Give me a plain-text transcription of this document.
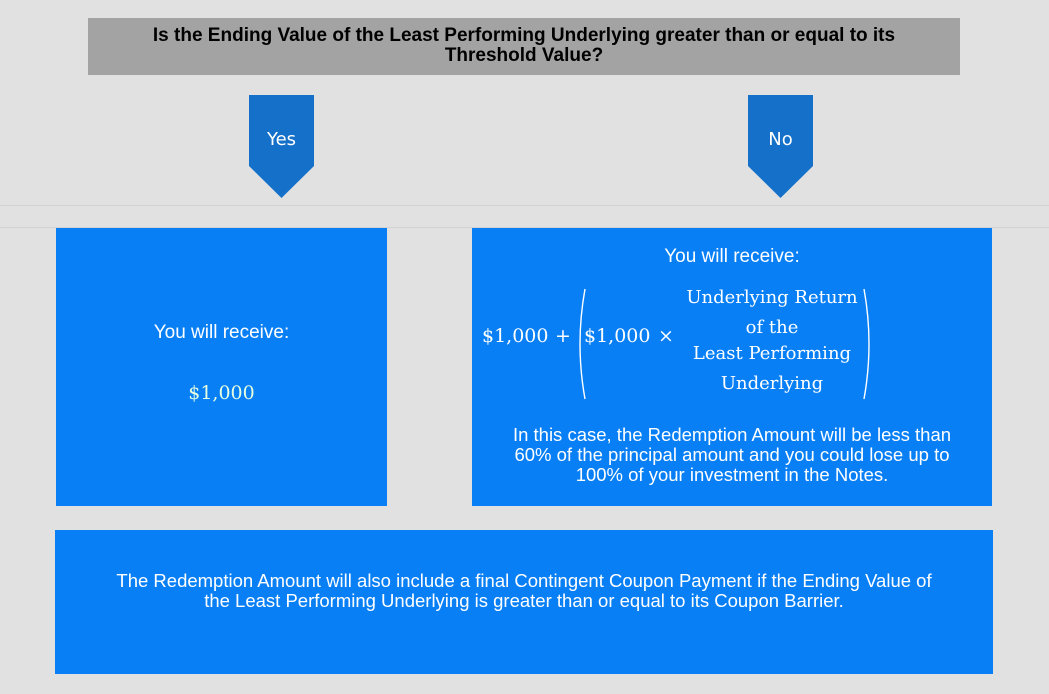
Is the Ending Value of the Least Performing Underlying greater than or equal to its
Threshold Value?
Yes	No
You will receive:
$1,000
You will receive:
$1,000 + $1,000 ×
Underlying Return
of the
Least Performing
Underlying
In this case, the Redemption Amount will be less than
60% of the principal amount and you could lose up to
100% of your investment in the Notes.
The Redemption Amount will also include a final Contingent Coupon Payment if the Ending Value of
the Least Performing Underlying is greater than or equal to its Coupon Barrier.
